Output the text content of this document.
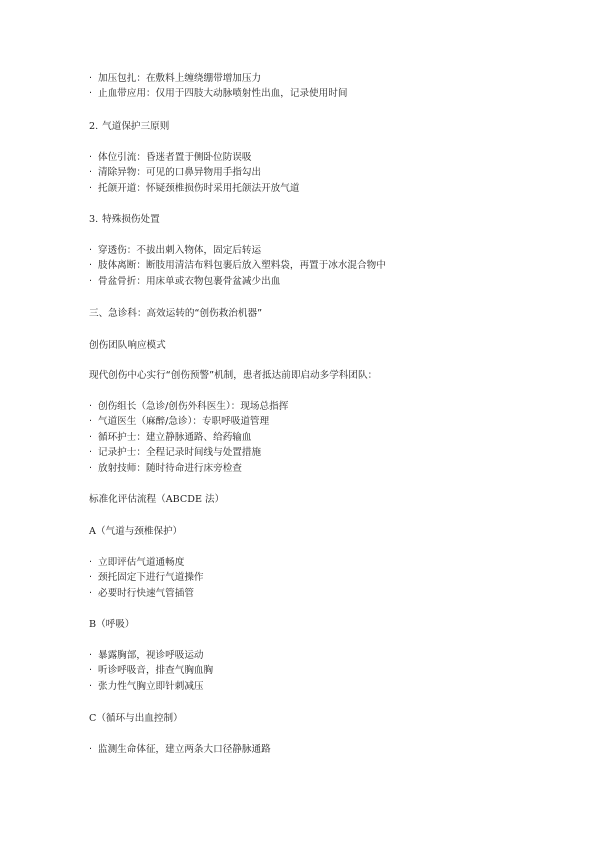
· 加压包扎：在敷料上缠绕绷带增加压力
· 止血带应用：仅用于四肢大动脉喷射性出血，记录使用时间
2. 气道保护三原则
· 体位引流：昏迷者置于侧卧位防误吸
· 清除异物：可见的口鼻异物用手指勾出
· 托颌开道：怀疑颈椎损伤时采用托颌法开放气道
3. 特殊损伤处置
· 穿透伤：不拔出刺入物体，固定后转运
· 肢体离断：断肢用清洁布料包裹后放入塑料袋，再置于冰水混合物中
· 骨盆骨折：用床单或衣物包裹骨盆减少出血
三、急诊科：高效运转的“创伤救治机器”
创伤团队响应模式
现代创伤中心实行“创伤预警”机制，患者抵达前即启动多学科团队：
· 创伤组长（急诊/创伤外科医生）：现场总指挥
· 气道医生（麻醉/急诊）：专职呼吸道管理
· 循环护士：建立静脉通路、给药输血
· 记录护士：全程记录时间线与处置措施
· 放射技师：随时待命进行床旁检查
标准化评估流程（ABCDE 法）
A（气道与颈椎保护）
· 立即评估气道通畅度
· 颈托固定下进行气道操作
· 必要时行快速气管插管
B（呼吸）
· 暴露胸部，视诊呼吸运动
· 听诊呼吸音，排查气胸血胸
· 张力性气胸立即针刺减压
C（循环与出血控制）
· 监测生命体征，建立两条大口径静脉通路
